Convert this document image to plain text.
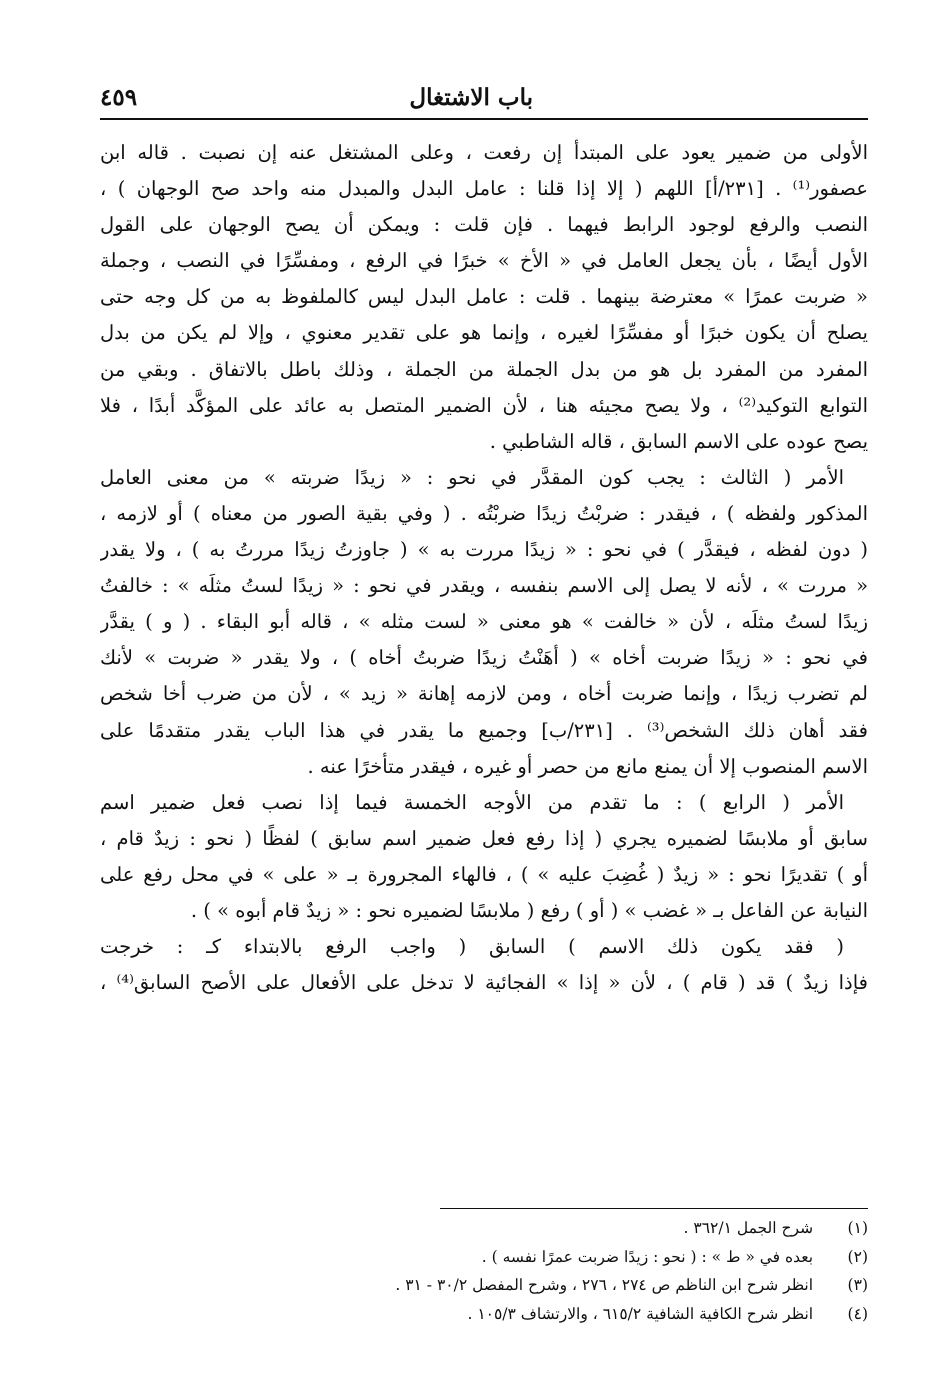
باب الاشتغال
٤٥٩
الأولى من ضمير يعود على المبتدأ إن رفعت ، وعلى المشتغل عنه إن نصبت . قاله ابن
عصفور⁽¹⁾ . [٢٣١/أ] اللهم ( إلا إذا قلنا : عامل البدل والمبدل منه واحد صح الوجهان ) ،
النصب والرفع لوجود الرابط فيهما . فإن قلت : ويمكن أن يصح الوجهان على القول
الأول أيضًا ، بأن يجعل العامل في « الأخ » خبرًا في الرفع ، ومفسِّرًا في النصب ، وجملة
« ضربت عمرًا » معترضة بينهما . قلت : عامل البدل ليس كالملفوظ به من كل وجه حتى
يصلح أن يكون خبرًا أو مفسِّرًا لغيره ، وإنما هو على تقدير معنوي ، وإلا لم يكن من بدل
المفرد من المفرد بل هو من بدل الجملة من الجملة ، وذلك باطل بالاتفاق . وبقي من
التوابع التوكيد⁽²⁾ ، ولا يصح مجيئه هنا ، لأن الضمير المتصل به عائد على المؤكَّد أبدًا ، فلا
يصح عوده على الاسم السابق ، قاله الشاطبي .
الأمر ( الثالث : يجب كون المقدَّر في نحو : « زيدًا ضربته » من معنى العامل
المذكور ولفظه ) ، فيقدر : ضربْتُ زيدًا ضربْتُه . ( وفي بقية الصور من معناه ) أو لازمه ،
( دون لفظه ، فيقدَّر ) في نحو : « زيدًا مررت به » ( جاوزتُ زيدًا مررتُ به ) ، ولا يقدر
« مررت » ، لأنه لا يصل إلى الاسم بنفسه ، ويقدر في نحو : « زيدًا لستُ مثلَه » : خالفتُ
زيدًا لستُ مثلَه ، لأن « خالفت » هو معنى « لست مثله » ، قاله أبو البقاء . ( و ) يقدَّر
في نحو : « زيدًا ضربت أخاه » ( أهَنْتُ زيدًا ضربتُ أخاه ) ، ولا يقدر « ضربت » لأنك
لم تضرب زيدًا ، وإنما ضربت أخاه ، ومن لازمه إهانة « زيد » ، لأن من ضرب أخا شخص
فقد أهان ذلك الشخص⁽³⁾ . [٢٣١/ب] وجميع ما يقدر في هذا الباب يقدر متقدمًا على
الاسم المنصوب إلا أن يمنع مانع من حصر أو غيره ، فيقدر متأخرًا عنه .
الأمر ( الرابع ) : ما تقدم من الأوجه الخمسة فيما إذا نصب فعل ضمير اسم
سابق أو ملابسًا لضميره يجري ( إذا رفع فعل ضمير اسم سابق ) لفظًا ( نحو : زيدٌ قام ،
أو ) تقديرًا نحو : « زيدٌ ( غُضِبَ عليه » ) ، فالهاء المجرورة بـ « على » في محل رفع على
النيابة عن الفاعل بـ « غضب » ( أو ) رفع ( ملابسًا لضميره نحو : « زيدٌ قام أبوه » ) .
( فقد يكون ذلك الاسم ) السابق ( واجب الرفع بالابتداء كـ : خرجت
فإذا زيدٌ ) قد ( قام ) ، لأن « إذا » الفجائية لا تدخل على الأفعال على الأصح السابق⁽⁴⁾ ،
(١) شرح الجمل ٣٦٢/١ .
(٢) بعده في « ط » : ( نحو : زيدًا ضربت عمرًا نفسه ) .
(٣) انظر شرح ابن الناظم ص ٢٧٤ ، ٢٧٦ ، وشرح المفصل ٣٠/٢ - ٣١ .
(٤) انظر شرح الكافية الشافية ٦١٥/٢ ، والارتشاف ١٠٥/٣ .
